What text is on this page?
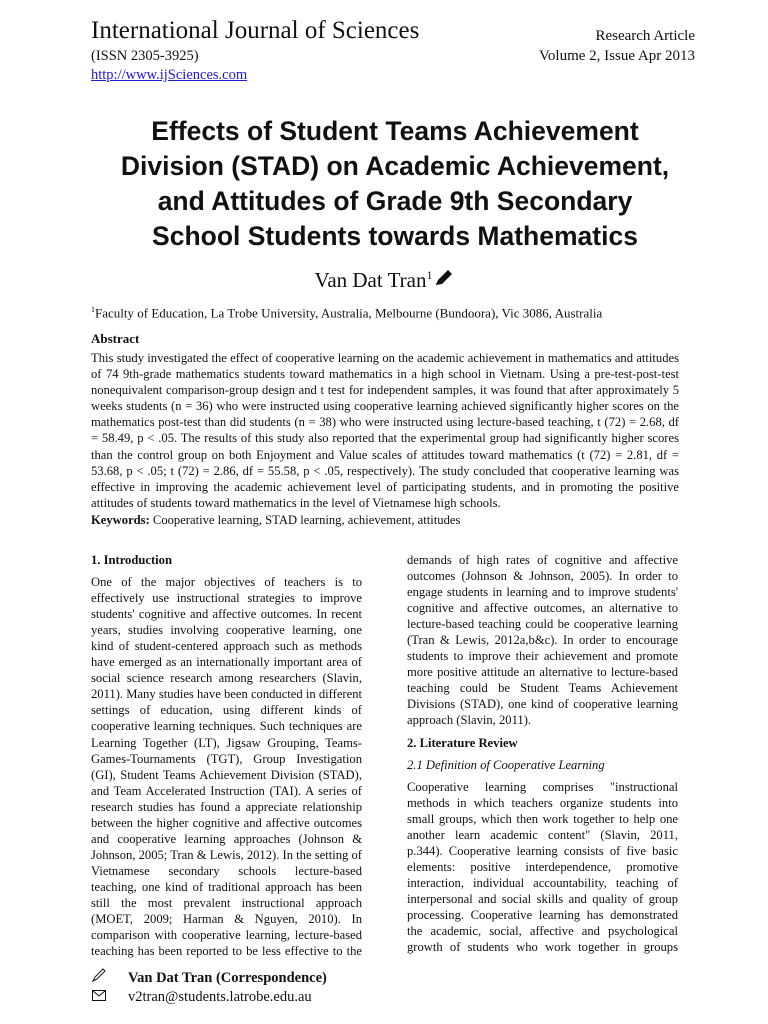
International Journal of Sciences
(ISSN 2305-3925)
http://www.ijSciences.com
Research Article
Volume 2, Issue Apr 2013
Effects of Student Teams Achievement
Division (STAD) on Academic Achievement,
and Attitudes of Grade 9th Secondary
School Students towards Mathematics
Van Dat Tran$^1$
$^1$Faculty of Education, La Trobe University, Australia, Melbourne (Bundoora), Vic 3086, Australia
Abstract
This study investigated the effect of cooperative learning on the academic achievement in mathematics and attitudes
of 74 9th-grade mathematics students toward mathematics in a high school in Vietnam. Using a pre-test-post-test
nonequivalent comparison-group design and t test for independent samples, it was found that after approximately 5
weeks students (n = 36) who were instructed using cooperative learning achieved significantly higher scores on the
mathematics post-test than did students (n = 38) who were instructed using lecture-based teaching, t (72) = 2.68, df
= 58.49, p < .05. The results of this study also reported that the experimental group had significantly higher scores
than the control group on both Enjoyment and Value scales of attitudes toward mathematics (t (72) = 2.81, df =
53.68, p < .05; t (72) = 2.86, df = 55.58, p < .05, respectively). The study concluded that cooperative learning was
effective in improving the academic achievement level of participating students, and in promoting the positive
attitudes of students toward mathematics in the level of Vietnamese high schools.
Keywords: Cooperative learning, STAD learning, achievement, attitudes
1. Introduction
One of the major objectives of teachers is to
effectively use instructional strategies to improve
students' cognitive and affective outcomes. In recent
years, studies involving cooperative learning, one
kind of student-centered approach such as methods
have emerged as an internationally important area of
social science research among researchers (Slavin,
2011). Many studies have been conducted in different
settings of education, using different kinds of
cooperative learning techniques. Such techniques are
Learning Together (LT), Jigsaw Grouping, Teams-
Games-Tournaments (TGT), Group Investigation
(GI), Student Teams Achievement Division (STAD),
and Team Accelerated Instruction (TAI). A series of
research studies has found a appreciate relationship
between the higher cognitive and affective outcomes
and cooperative learning approaches (Johnson &
Johnson, 2005; Tran & Lewis, 2012). In the setting of
Vietnamese secondary schools lecture-based
teaching, one kind of traditional approach has been
still the most prevalent instructional approach
(MOET, 2009; Harman & Nguyen, 2010). In
comparison with cooperative learning, lecture-based
teaching has been reported to be less effective to the
demands of high rates of cognitive and affective
outcomes (Johnson & Johnson, 2005). In order to
engage students in learning and to improve students'
cognitive and affective outcomes, an alternative to
lecture-based teaching could be cooperative learning
(Tran & Lewis, 2012a,b&c). In order to encourage
students to improve their achievement and promote
more positive attitude an alternative to lecture-based
teaching could be Student Teams Achievement
Divisions (STAD), one kind of cooperative learning
approach (Slavin, 2011).
2. Literature Review
2.1 Definition of Cooperative Learning
Cooperative learning comprises "instructional
methods in which teachers organize students into
small groups, which then work together to help one
another learn academic content" (Slavin, 2011,
p.344). Cooperative learning consists of five basic
elements: positive interdependence, promotive
interaction, individual accountability, teaching of
interpersonal and social skills and quality of group
processing. Cooperative learning has demonstrated
the academic, social, affective and psychological
growth of students who work together in groups
Van Dat Tran (Correspondence)
v2tran@students.latrobe.edu.au
